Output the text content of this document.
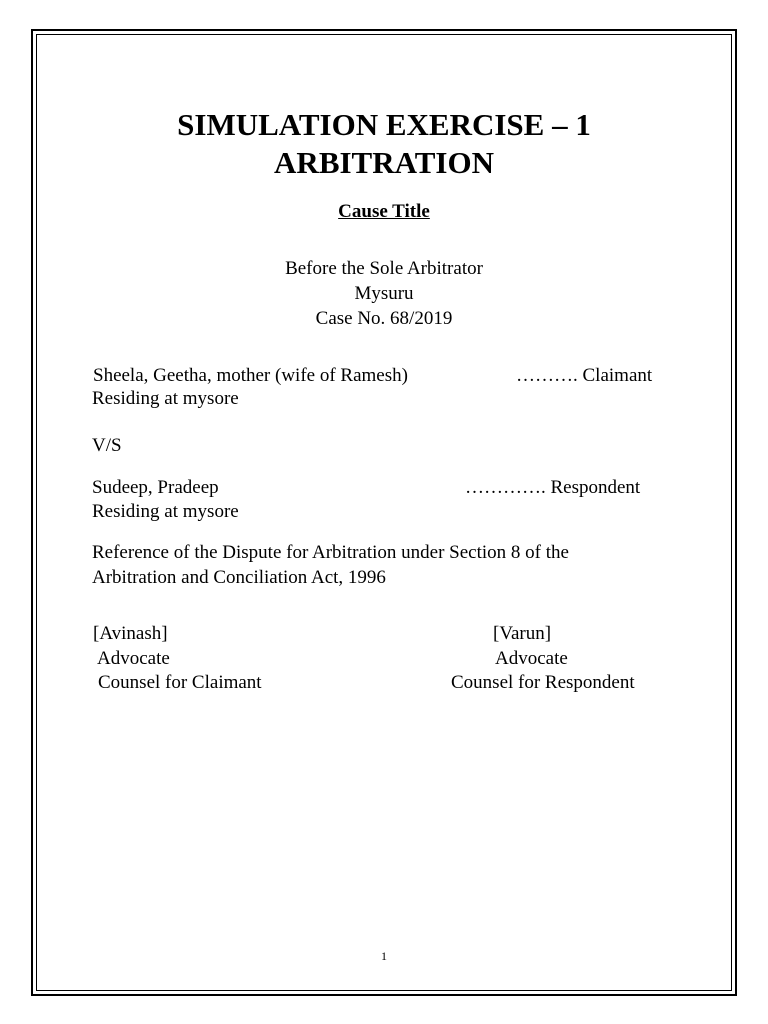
SIMULATION EXERCISE – 1
ARBITRATION
Cause Title
Before the Sole Arbitrator
Mysuru
Case No. 68/2019
Sheela, Geetha, mother (wife of Ramesh)	………. Claimant
Residing at mysore
V/S
Sudeep, Pradeep	…………. Respondent
Residing at mysore
Reference of the Dispute for Arbitration under Section 8 of the
Arbitration and Conciliation Act, 1996
[Avinash]
Advocate
Counsel for Claimant
[Varun]
Advocate
Counsel for Respondent
1
